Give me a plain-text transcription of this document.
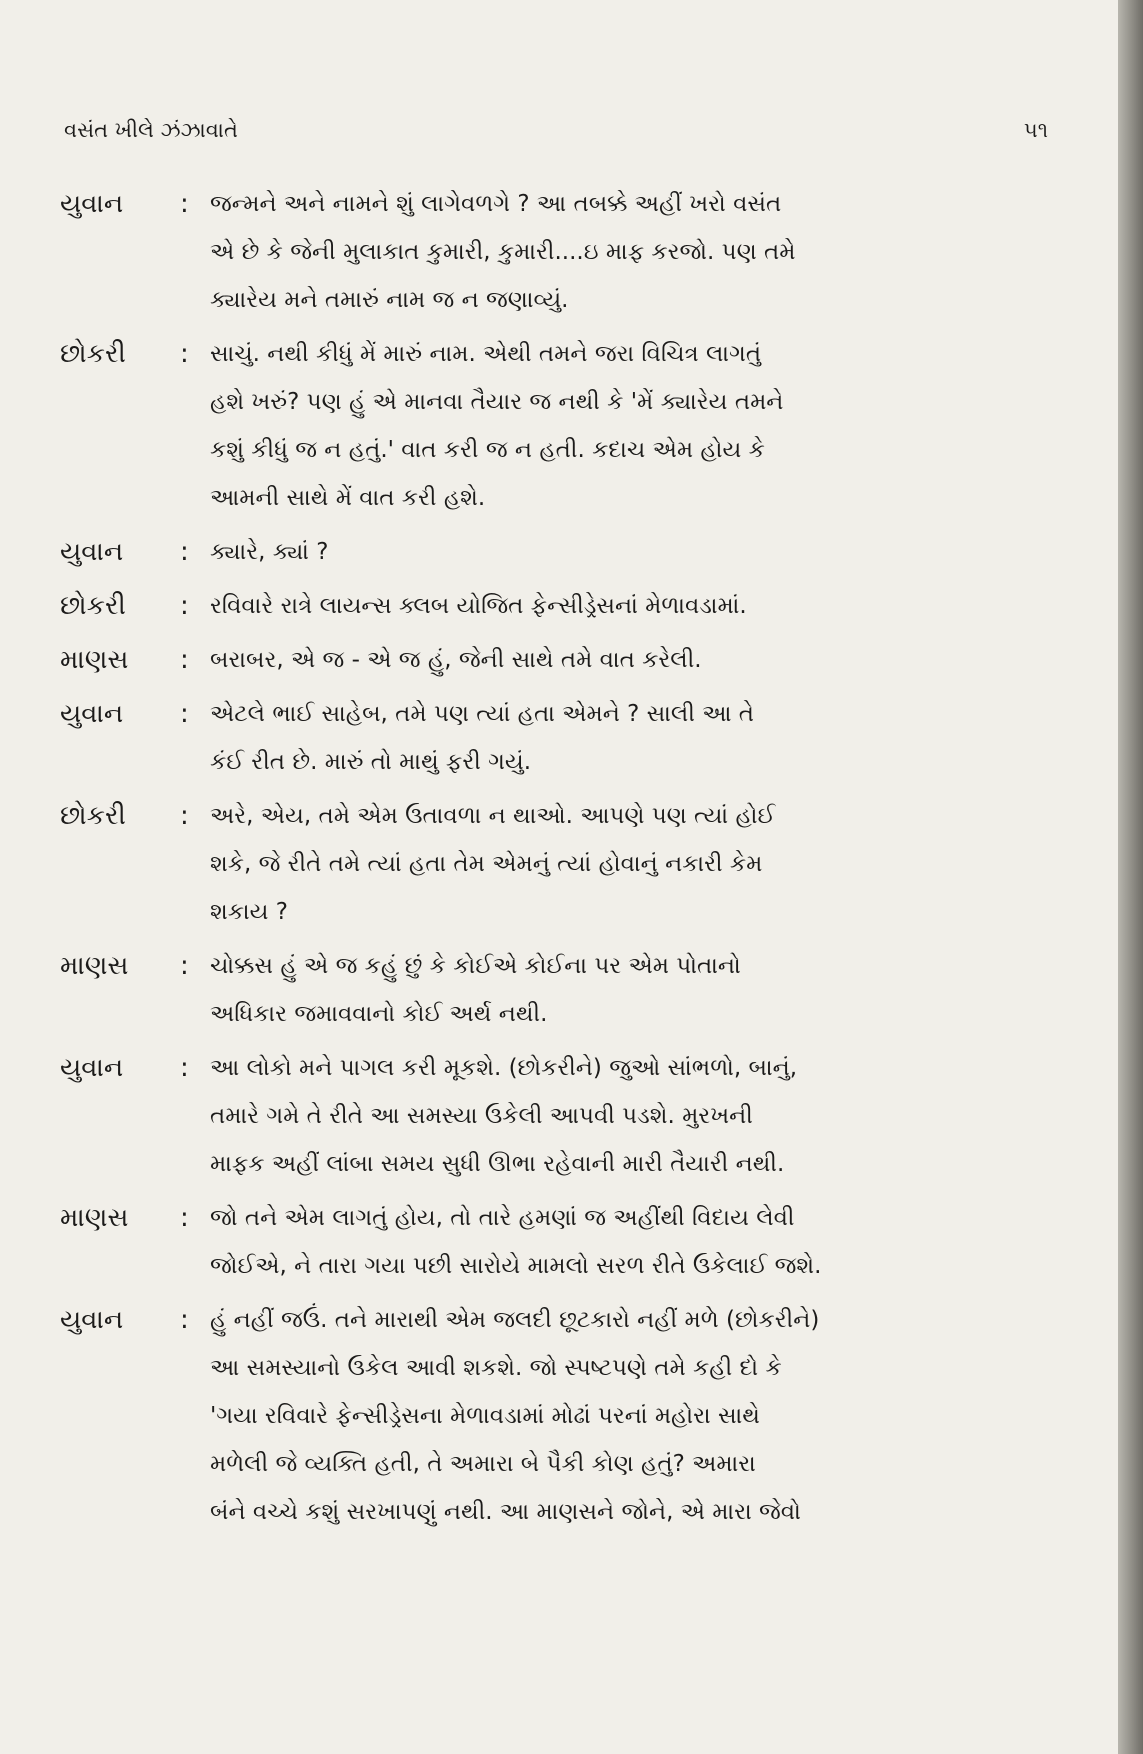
વસંત ખીલે ઝંઝાવાતે	૫૧
યુવાન	: જન્મને અને નામને શું લાગેવળગે ? આ તબક્કે અહીં ખરો વસંત
એ છે કે જેની મુલાકાત કુમારી, કુમારી....ઇ માફ કરજો. પણ તમે
ક્યારેય મને તમારું નામ જ ન જણાવ્યું.
છોકરી	: સાચું. નથી કીધું મેં મારું નામ. એથી તમને જરા વિચિત્ર લાગતું
હશે ખરું? પણ હું એ માનવા તૈયાર જ નથી કે 'મેં ક્યારેય તમને
કશું કીધું જ ન હતું.' વાત કરી જ ન હતી. કદાચ એમ હોય કે
આમની સાથે મેં વાત કરી હશે.
યુવાન	: ક્યારે, ક્યાં ?
છોકરી	: રવિવારે રાત્રે લાયન્સ ક્લબ યોજિત ફેન્સીડ્રેસનાં મેળાવડામાં.
માણસ	: બરાબર, એ જ - એ જ હું, જેની સાથે તમે વાત કરેલી.
યુવાન	: એટલે ભાઈ સાહેબ, તમે પણ ત્યાં હતા એમને ? સાલી આ તે
કંઈ રીત છે. મારું તો માથું ફરી ગયું.
છોકરી	: અરે, એય, તમે એમ ઉતાવળા ન થાઓ. આપણે પણ ત્યાં હોઈ
શકે, જે રીતે તમે ત્યાં હતા તેમ એમનું ત્યાં હોવાનું નકારી કેમ
શકાય ?
માણસ	: ચોક્કસ હું એ જ કહું છું કે કોઈએ કોઈના પર એમ પોતાનો
અધિકાર જમાવવાનો કોઈ અર્થ નથી.
યુવાન	: આ લોકો મને પાગલ કરી મૂકશે. (છોકરીને) જુઓ સાંભળો, બાનું,
તમારે ગમે તે રીતે આ સમસ્યા ઉકેલી આપવી પડશે. મુરખની
માફક અહીં લાંબા સમય સુધી ઊભા રહેવાની મારી તૈયારી નથી.
માણસ	: જો તને એમ લાગતું હોય, તો તારે હમણાં જ અહીંથી વિદાય લેવી
જોઈએ, ને તારા ગયા પછી સારોયે મામલો સરળ રીતે ઉકેલાઈ જશે.
યુવાન	: હું નહીં જઉં. તને મારાથી એમ જલદી છૂટકારો નહીં મળે (છોકરીને)
આ સમસ્યાનો ઉકેલ આવી શકશે. જો સ્પષ્ટપણે તમે કહી દો કે
'ગયા રવિવારે ફેન્સીડ્રેસના મેળાવડામાં મોઢાં પરનાં મહોરા સાથે
મળેલી જે વ્યક્તિ હતી, તે અમારા બે પૈકી કોણ હતું? અમારા
બંને વચ્ચે કશું સરખાપણું નથી. આ માણસને જોને, એ મારા જેવો
